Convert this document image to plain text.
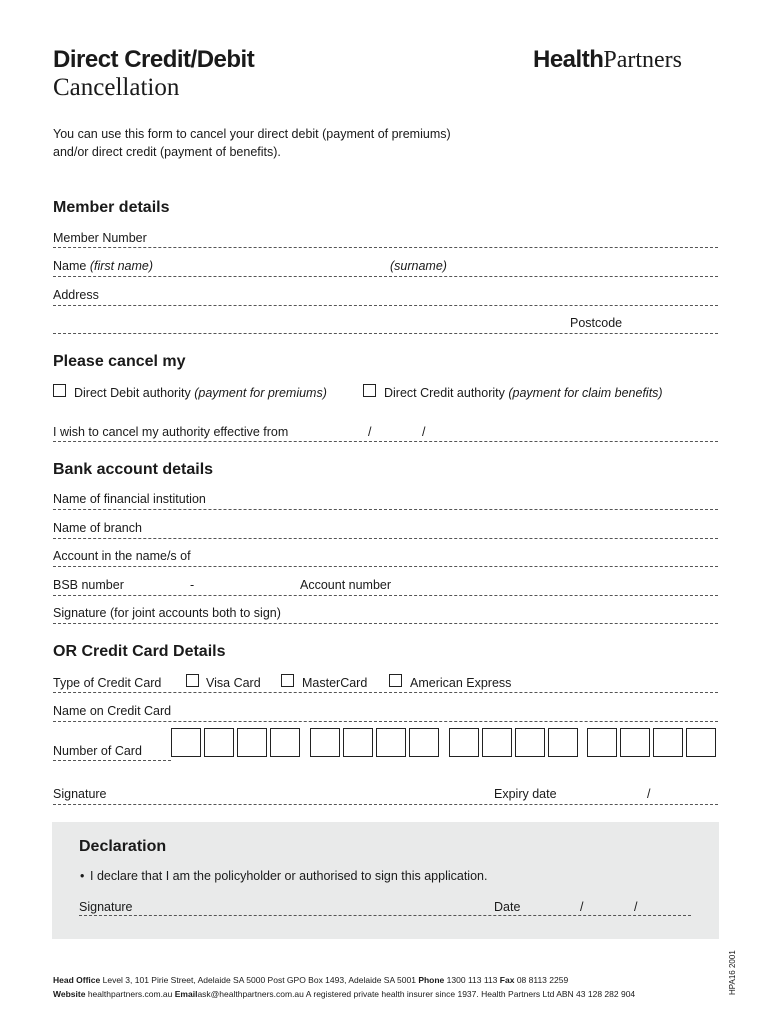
Direct Credit/Debit
Cancellation
HealthPartners
You can use this form to cancel your direct debit (payment of premiums)
and/or direct credit (payment of benefits).
Member details
Member Number
Name (first name)	(surname)
Address
Postcode
Please cancel my
Direct Debit authority (payment for premiums)	Direct Credit authority (payment for claim benefits)
I wish to cancel my authority effective from	/	/
Bank account details
Name of financial institution
Name of branch
Account in the name/s of
BSB number	-	Account number
Signature (for joint accounts both to sign)
OR Credit Card Details
Type of Credit Card	Visa Card	MasterCard	American Express
Name on Credit Card
Number of Card
Signature	Expiry date	/
Declaration
• I declare that I am the policyholder or authorised to sign this application.
Signature	Date	/	/
Head Office Level 3, 101 Pirie Street, Adelaide SA 5000 Post GPO Box 1493, Adelaide SA 5001 Phone 1300 113 113 Fax 08 8113 2259
Website healthpartners.com.au Emailask@healthpartners.com.au A registered private health insurer since 1937. Health Partners Ltd ABN 43 128 282 904	HPA16 2001
